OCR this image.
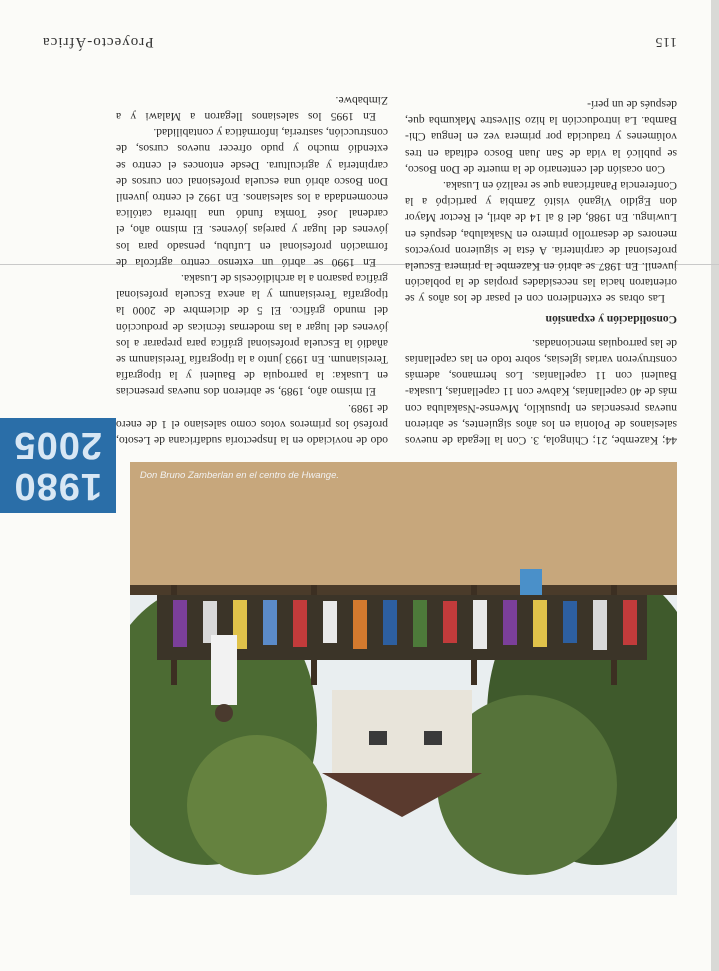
115
Proyecto-África
Don Bruno Zamberlan en el centro de Hwange.
1980
2005	44; Kazembe, 21; Chingola, 3. Con la llegada de nuevos salesianos de Polonia en los años siguientes, se abrieron nuevas presencias en Ipusukilo, Mwense-Nsakaluba con más de 40 capellanías, Kabwe con 11 capellanías, Lusaka-Bauleni con 11 capellanías. Los hermanos, además construyeron varias iglesias, sobre todo en las capellanías de las parroquias mencionadas.

Consolidación y expansión

Las obras se extendieron con el pasar de los años y se orientaron hacia las necesidades propias de la población juvenil. En 1987 se abrió en Kazembe la primera Escuela profesional de carpintería. A ésta le siguieron proyectos menores de desarrollo primero en Nsakaluba, después en Luwingu. En 1988, del 8 al 14 de abril, el Rector Mayor don Egidio Viganò visitó Zambia y participó a la Conferencia Panafricana que se realizó en Lusaka.

Con ocasión del centenario de la muerte de Don Bosco, se publicó la vida de San Juan Bosco editada en tres volúmenes y traducida por primera vez en lengua Chi-Bamba. La introducción la hizo Silvestre Makumba que, después de un perí-

odo de noviciado en la Inspectoría sudafricana de Lesoto, profesó los primeros votos como salesiano el 1 de enero de 1989.

El mismo año, 1989, se abrieron dos nuevas presencias en Lusaka: la parroquia de Bauleni y la tipografía Tereisianum. En 1993 junto a la tipografía Tereisianum se añadió la Escuela profesional gráfica para preparar a los jóvenes del lugar a las modernas técnicas de producción del mundo gráfico. El 5 de diciembre de 2000 la tipografía Tereisianum y la anexa Escuela profesional gráfica pasaron a la archidiócesis de Lusaka.

En 1990 se abrió un extenso centro agrícola de formación profesional en Lufubu, pensado para los jóvenes del lugar y parejas jóvenes. El mismo año, el cardenal José Tomka fundó una librería católica encomendada a los salesianos. En 1992 el centro juvenil Don Bosco abrió una escuela profesional con cursos de carpintería y agricultura. Desde entonces el centro se extendió mucho y pudo ofrecer nuevos cursos, de construcción, sastrería, informática y contabilidad.

En 1995 los salesianos llegaron a Malawi y a Zimbabwe.
